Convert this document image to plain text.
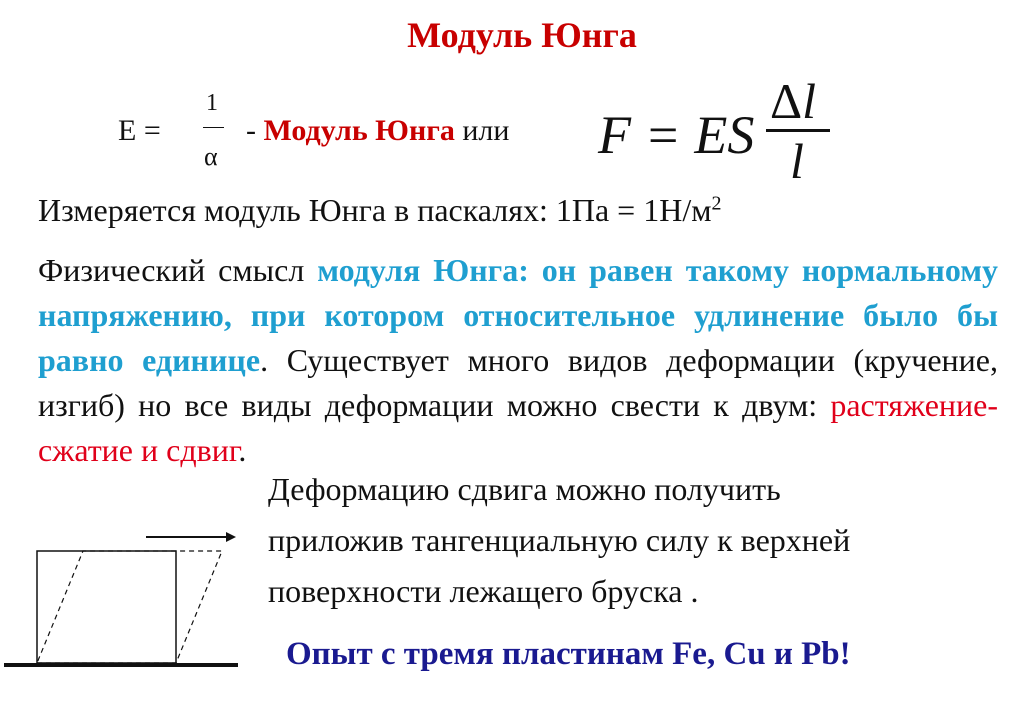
Модуль Юнга
E =
1
α
- Модуль Юнга или F = ES
Δl
l
Измеряется модуль Юнга в паскалях: $1Па = 1Н/м^2$
Физический смысл модуля Юнга: он равен такому нормальному напряжению, при котором относительное удлинение было бы равно единице. Существует много видов деформации (кручение, изгиб) но все виды деформации можно свести к двум: растяжение-сжатие и сдвиг.
Деформацию сдвига можно получить
приложив тангенциальную силу к верхней
поверхности лежащего бруска .
Опыт с тремя пластинам Fe, Cu и Pb!
